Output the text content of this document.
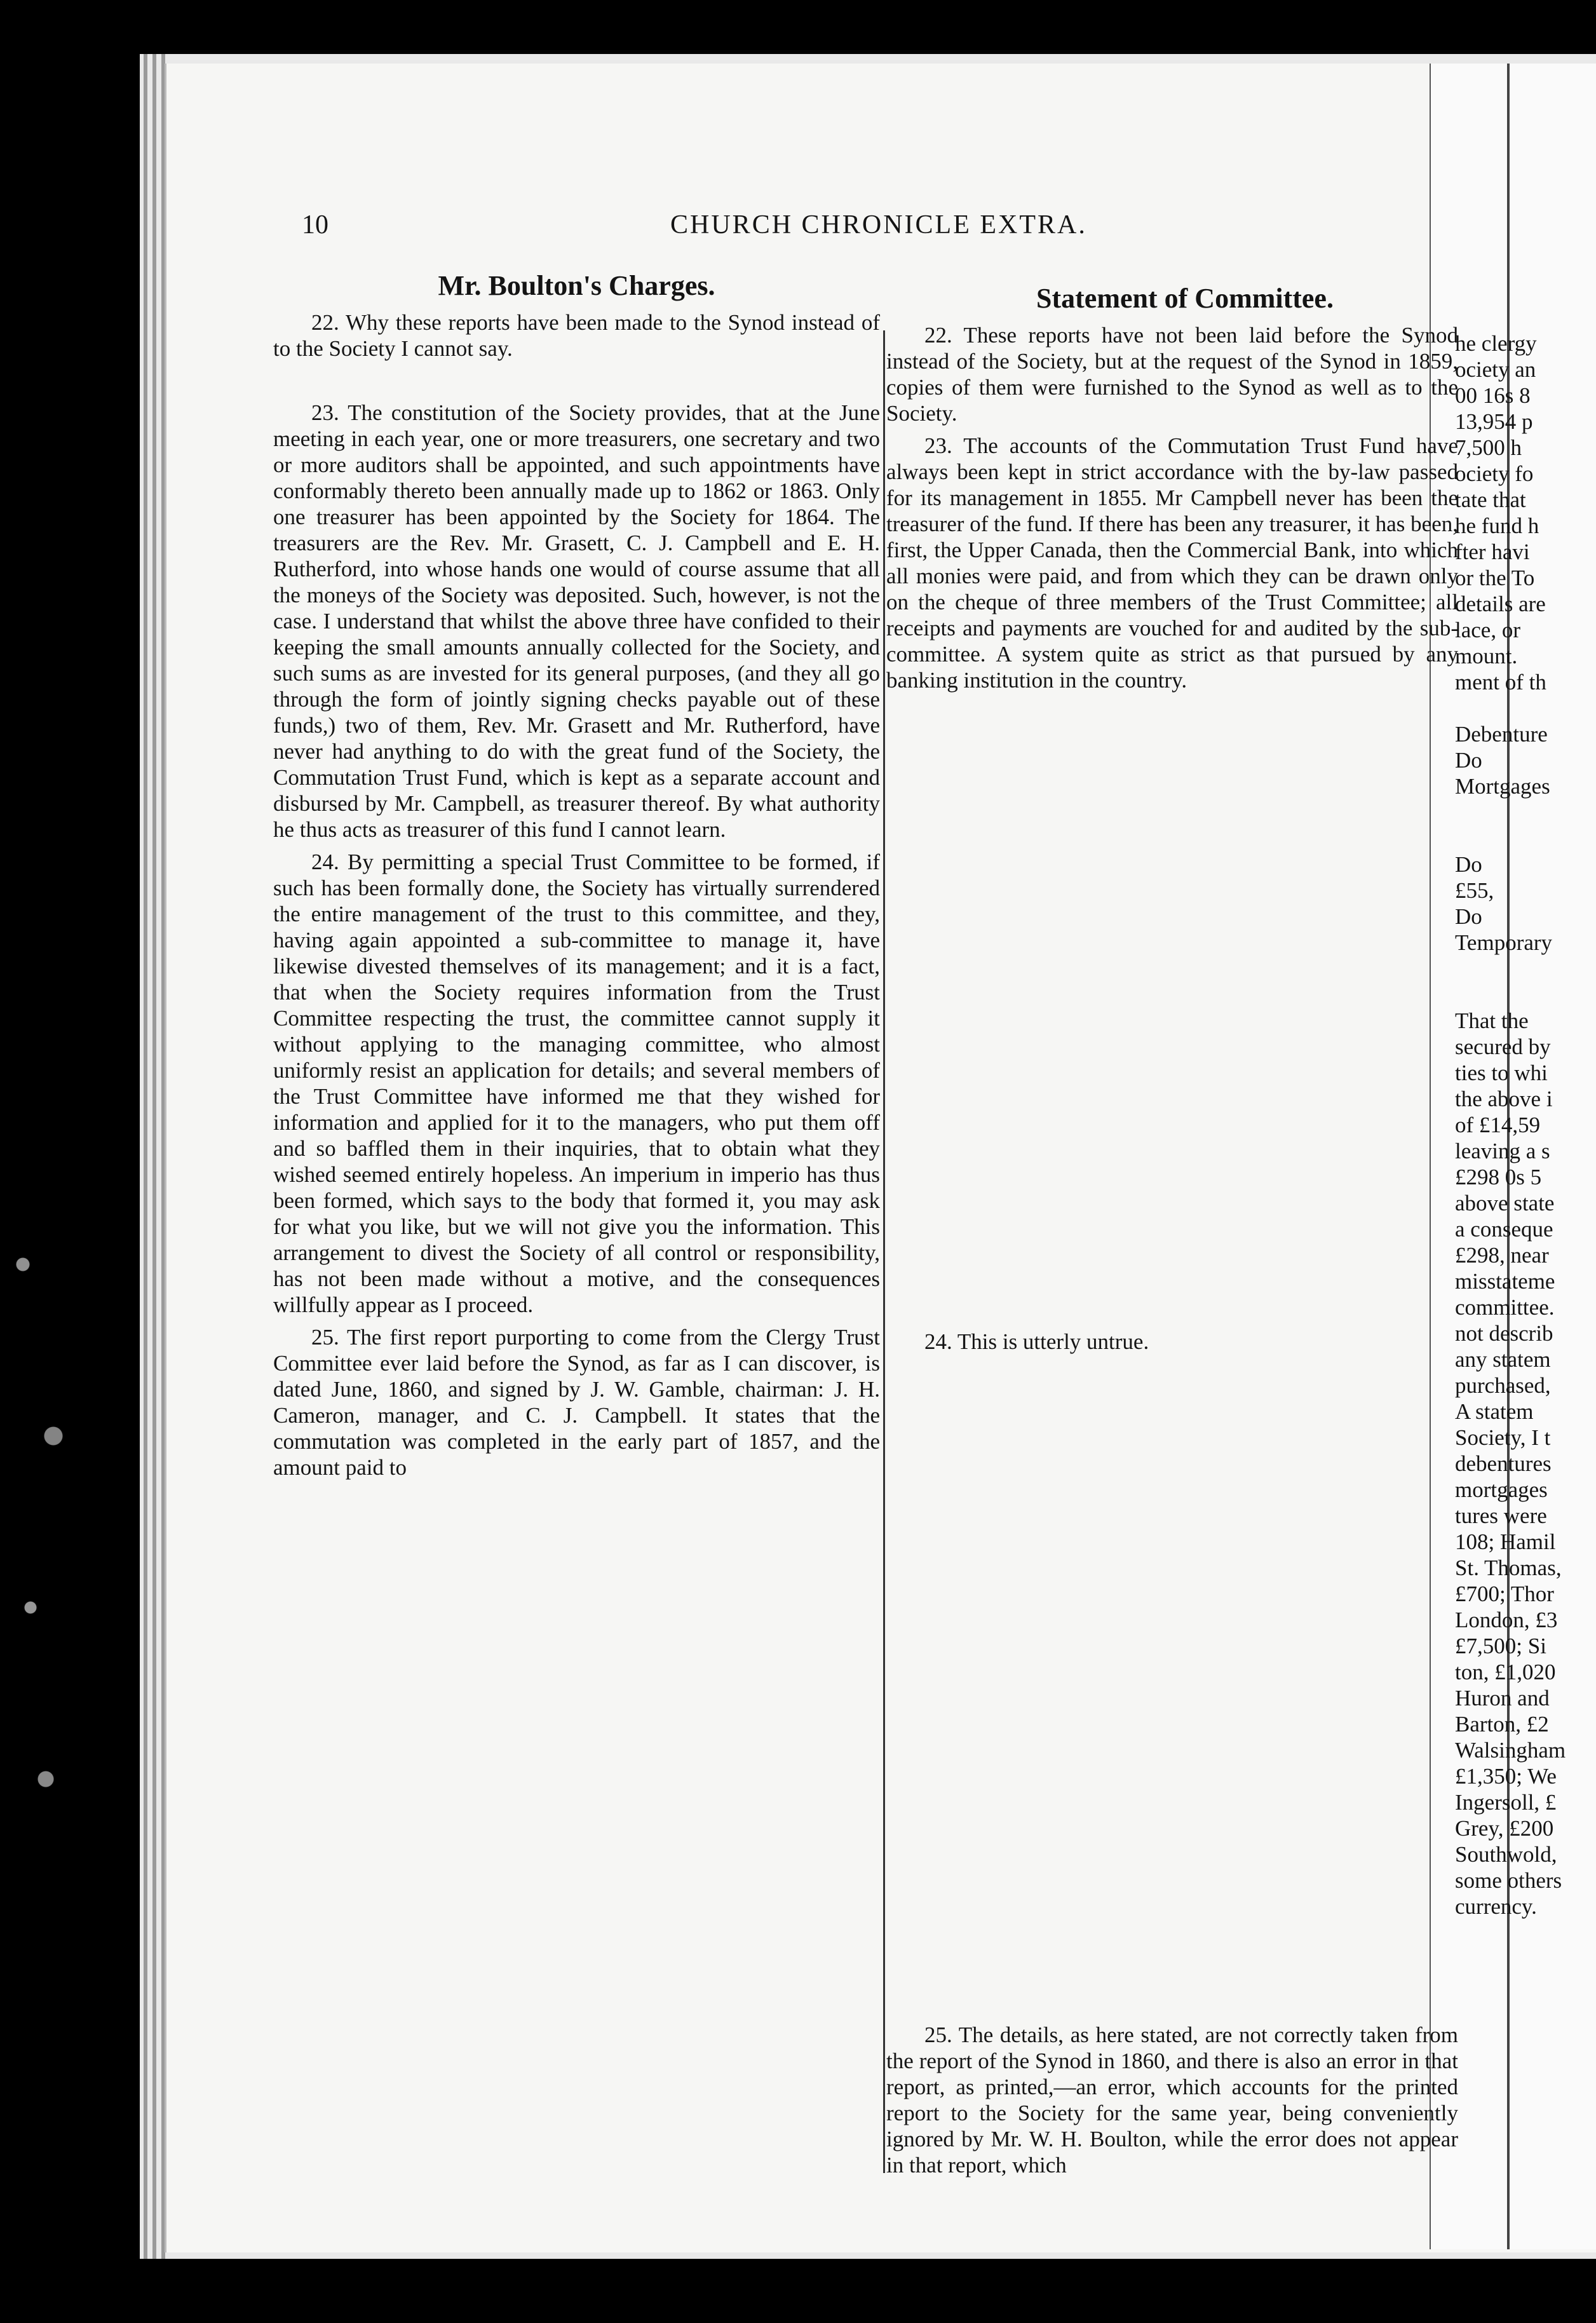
10	CHURCH CHRONICLE EXTRA.
Mr. Boulton's Charges.

22. Why these reports have been made to the Synod instead of to the Society I cannot say.

23. The constitution of the Society provides, that at the June meeting in each year, one or more treasurers, one secretary and two or more auditors shall be appointed, and such appointments have conformably thereto been annually made up to 1862 or 1863. Only one treasurer has been appointed by the Society for 1864. The treasurers are the Rev. Mr. Grasett, C. J. Campbell and E. H. Rutherford, into whose hands one would of course assume that all the moneys of the Society was deposited. Such, however, is not the case. I understand that whilst the above three have confided to their keeping the small amounts annually collected for the Society, and such sums as are invested for its general purposes, (and they all go through the form of jointly signing checks payable out of these funds,) two of them, Rev. Mr. Grasett and Mr. Rutherford, have never had anything to do with the great fund of the Society, the Commutation Trust Fund, which is kept as a separate account and disbursed by Mr. Campbell, as treasurer thereof. By what authority he thus acts as treasurer of this fund I cannot learn.

24. By permitting a special Trust Committee to be formed, if such has been formally done, the Society has virtually surrendered the entire management of the trust to this committee, and they, having again appointed a sub-committee to manage it, have likewise divested themselves of its management; and it is a fact, that when the Society requires information from the Trust Committee respecting the trust, the committee cannot supply it without applying to the managing committee, who almost uniformly resist an application for details; and several members of the Trust Committee have informed me that they wished for information and applied for it to the managers, who put them off and so baffled them in their inquiries, that to obtain what they wished seemed entirely hopeless. An imperium in imperio has thus been formed, which says to the body that formed it, you may ask for what you like, but we will not give you the information. This arrangement to divest the Society of all control or responsibility, has not been made without a motive, and the consequences willfully appear as I proceed.

25. The first report purporting to come from the Clergy Trust Committee ever laid before the Synod, as far as I can discover, is dated June, 1860, and signed by J. W. Gamble, chairman: J. H. Cameron, manager, and C. J. Campbell. It states that the commutation was completed in the early part of 1857, and the amount paid to

Statement of Committee.

22. These reports have not been laid before the Synod instead of the Society, but at the request of the Synod in 1859, copies of them were furnished to the Synod as well as to the Society.

23. The accounts of the Commutation Trust Fund have always been kept in strict accordance with the by-law passed for its management in 1855. Mr Campbell never has been the treasurer of the fund. If there has been any treasurer, it has been, first, the Upper Canada, then the Commercial Bank, into which all monies were paid, and from which they can be drawn only on the cheque of three members of the Trust Committee; all receipts and payments are vouched for and audited by the sub-committee. A system quite as strict as that pursued by any banking institution in the country.

24. This is utterly untrue.

25. The details, as here stated, are not correctly taken from the report of the Synod in 1860, and there is also an error in that report, as printed,—an error, which accounts for the printed report to the Society for the same year, being conveniently ignored by Mr. W. H. Boulton, while the error does not appear in that report, which

he clergy
ociety an
00 16s 8
13,954 p
7,500 h
ociety fo
tate that
he fund h
fter havi
or the To
details are
lace, or
mount.
ment of th
Debenture
Do
Mortgages
Do
£55,
Do
Temporary
That the
secured by
ties to whi
the above i
of £14,59
leaving a s
£298 0s 5
above state
a conseque
£298, near
misstateme
committee.
not describ
any statem
purchased,
A statem
Society, I t
debentures
mortgages
tures were
108; Hamil
St. Thomas,
£700; Thor
London, £3
£7,500; Si
ton, £1,020
Huron and
Barton, £2
Walsingham
£1,350; We
Ingersoll, £
Grey, £200
Southwold,
some others
currency.
